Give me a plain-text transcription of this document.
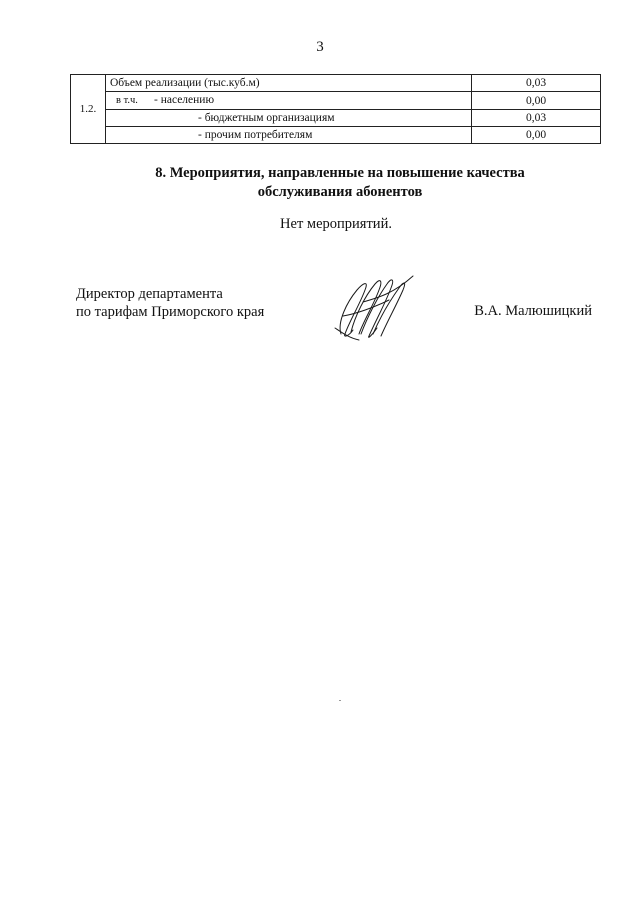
3
1.2.	Объем реализации (тыс.куб.м)	0,03
	в т.ч. - населению	0,00
	- бюджетным организациям	0,03
	- прочим потребителям	0,00
8. Мероприятия, направленные на повышение качества
обслуживания абонентов
Нет мероприятий.
Директор департамента
по тарифам Приморского края	В.А. Малюшицкий
